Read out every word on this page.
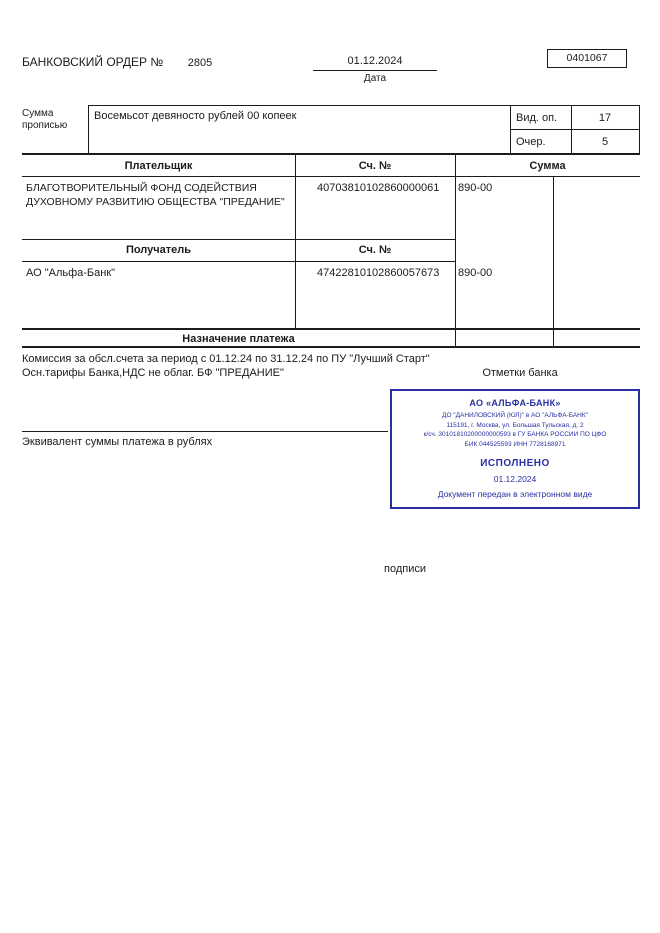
БАНКОВСКИЙ ОРДЕР №	2805	01.12.2024
Дата
0401067
Сумма прописью
Восемьсот девяносто рублей 00 копеек	Вид. оп.	17
Очер.	5
Плательщик	Сч. №	Сумма
БЛАГОТВОРИТЕЛЬНЫЙ ФОНД СОДЕЙСТВИЯ ДУХОВНОМУ РАЗВИТИЮ ОБЩЕСТВА "ПРЕДАНИЕ"
40703810102860000061 890-00
Получатель	Сч. №
АО "Альфа-Банк"	47422810102860057673 890-00
Назначение платежа
Комиссия за обсл.счета за период с 01.12.24 по 31.12.24 по ПУ "Лучший Старт"
Осн.тарифы Банка,НДС не облаг. БФ "ПРЕДАНИЕ"	Отметки банка
АО «АЛЬФА-БАНК»
ДО "ДАНИЛОВСКИЙ (ЮЛ)" в АО "АЛЬФА-БАНК"
115191, г. Москва, ул. Большая Тульская, д. 2
к/сч. 30101810200000000593 в ГУ БАНКА РОССИИ ПО ЦФО
БИК 044525593 ИНН 7728168971
ИСПОЛНЕНО
01.12.2024
Документ передан в электронном виде
Эквивалент суммы платежа в рублях
подписи
